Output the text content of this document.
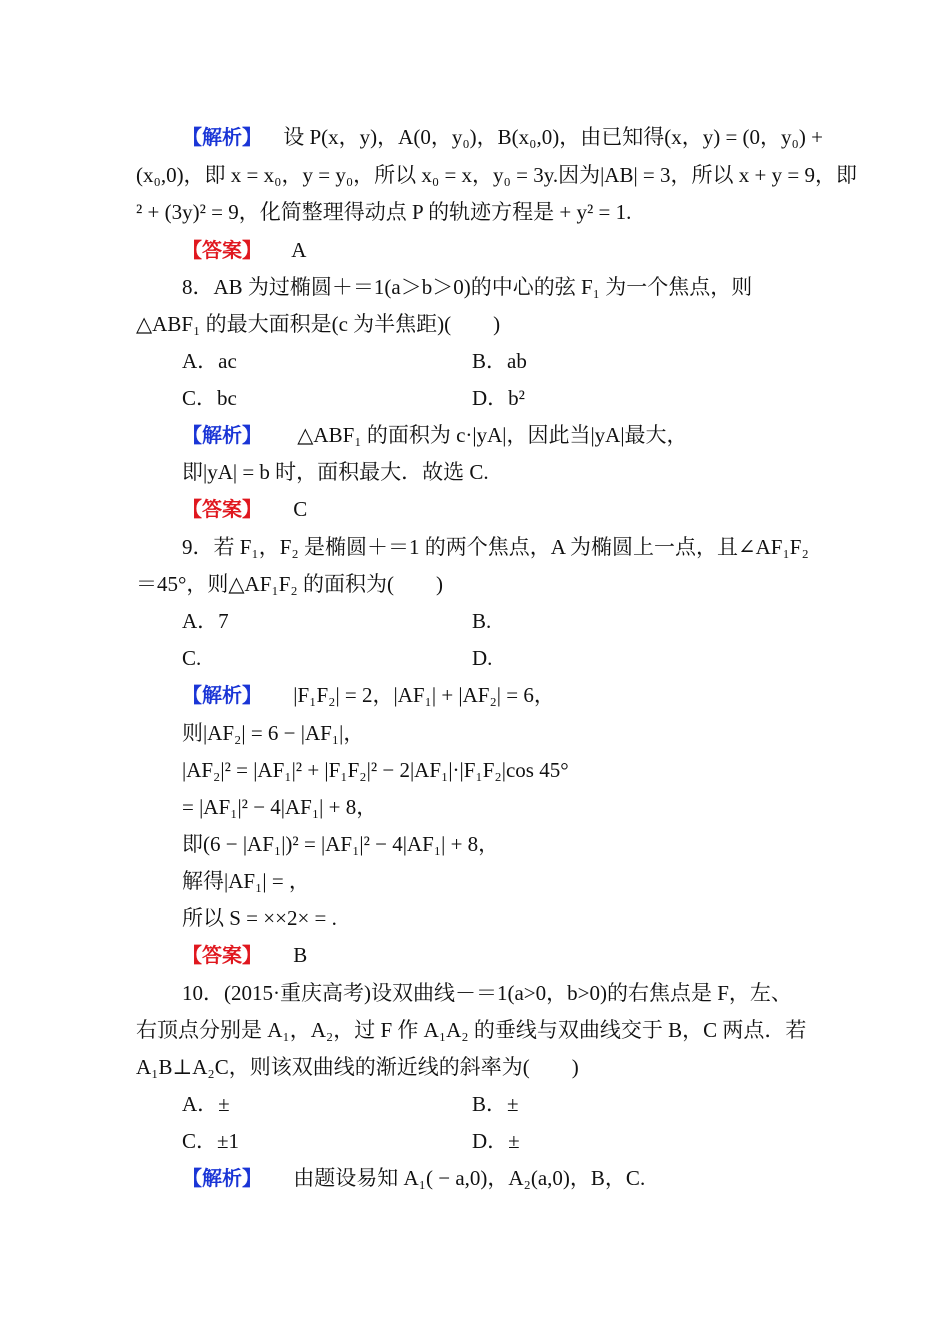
【解析】 设 P(x，y)，A(0，y₀)，B(x₀,0)，由已知得(x，y) = (0，y₀) +
(x₀,0)，即 x = x₀，y = y₀，所以 x₀ = x，y₀ = 3y.因为|AB| = 3，所以 x + y = 9，即
² + (3y)² = 9，化简整理得动点 P 的轨迹方程是 + y² = 1.
【答案】 A
8．AB 为过椭圆＋＝1(a＞b＞0)的中心的弦 F₁ 为一个焦点，则
△ABF₁ 的最大面积是(c 为半焦距)(　　)
A．ac	B．ab
C．bc	D．b²
【解析】 △ABF₁ 的面积为 c·|yA|，因此当|yA|最大，
即|yA| = b 时，面积最大．故选 C.
【答案】 C
9．若 F₁，F₂ 是椭圆＋＝1 的两个焦点，A 为椭圆上一点，且∠AF₁F₂
＝45°，则△AF₁F₂ 的面积为(　　)
A．7	B.
C.	D.
【解析】 |F₁F₂| = 2，|AF₁| + |AF₂| = 6，
则|AF₂| = 6 − |AF₁|，
|AF₂|² = |AF₁|² + |F₁F₂|² − 2|AF₁|·|F₁F₂|cos 45°
= |AF₁|² − 4|AF₁| + 8，
即(6 − |AF₁|)² = |AF₁|² − 4|AF₁| + 8，
解得|AF₁| = ，
所以 S = ××2× = .
【答案】 B
10．(2015·重庆高考)设双曲线－＝1(a>0，b>0)的右焦点是 F，左、
右顶点分别是 A₁，A₂，过 F 作 A₁A₂ 的垂线与双曲线交于 B，C 两点．若
A₁B⊥A₂C，则该双曲线的渐近线的斜率为(　　)
A．±	B．±
C．±1	D．±
【解析】 由题设易知 A₁( − a,0)，A₂(a,0)，B，C.
